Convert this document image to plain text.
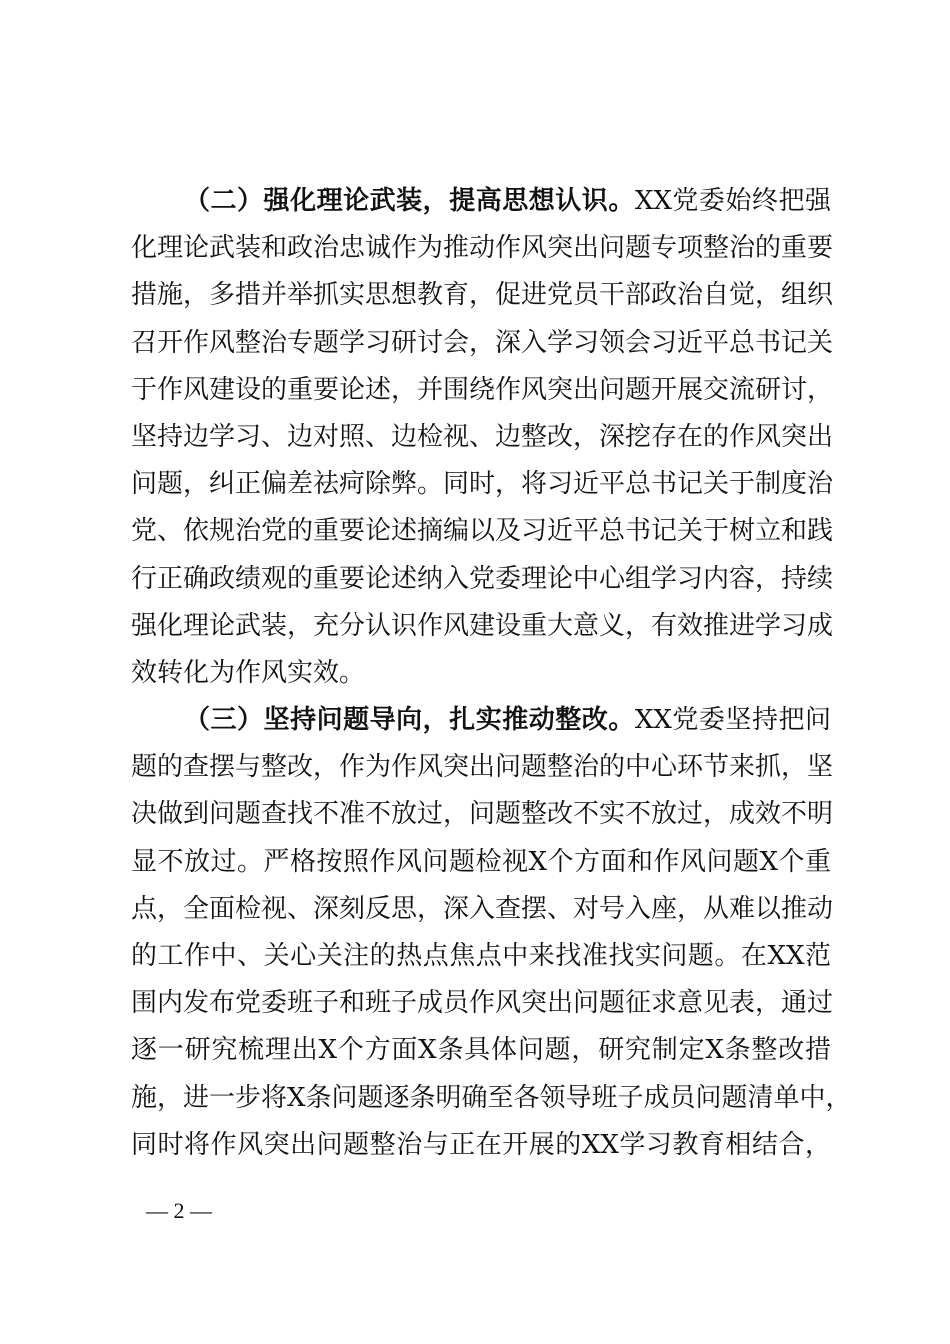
（二）强化理论武装，提高思想认识。XX党委始终把强
化理论武装和政治忠诚作为推动作风突出问题专项整治的重要
措施，多措并举抓实思想教育，促进党员干部政治自觉，组织
召开作风整治专题学习研讨会，深入学习领会习近平总书记关
于作风建设的重要论述，并围绕作风突出问题开展交流研讨，
坚持边学习、边对照、边检视、边整改，深挖存在的作风突出
问题，纠正偏差祛疴除弊。同时，将习近平总书记关于制度治
党、依规治党的重要论述摘编以及习近平总书记关于树立和践
行正确政绩观的重要论述纳入党委理论中心组学习内容，持续
强化理论武装，充分认识作风建设重大意义，有效推进学习成
效转化为作风实效。
（三）坚持问题导向，扎实推动整改。XX党委坚持把问
题的查摆与整改，作为作风突出问题整治的中心环节来抓，坚
决做到问题查找不准不放过，问题整改不实不放过，成效不明
显不放过。严格按照作风问题检视X个方面和作风问题X个重
点，全面检视、深刻反思，深入查摆、对号入座，从难以推动
的工作中、关心关注的热点焦点中来找准找实问题。在XX范
围内发布党委班子和班子成员作风突出问题征求意见表，通过
逐一研究梳理出X个方面X条具体问题，研究制定X条整改措
施，进一步将X条问题逐条明确至各领导班子成员问题清单中，
同时将作风突出问题整治与正在开展的XX学习教育相结合，
— 2 —
